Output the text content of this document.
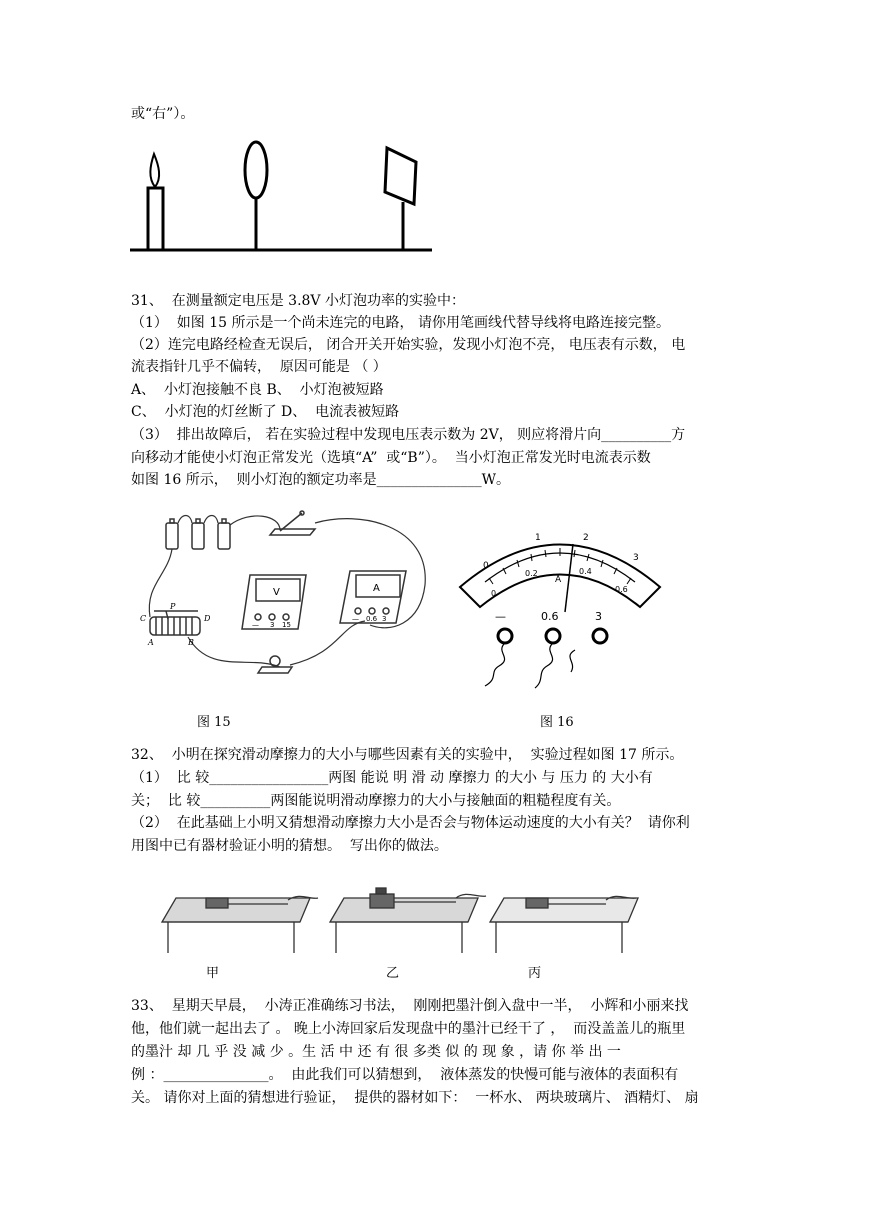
或“右”）。
31、  在测量额定电压是 3.8V 小灯泡功率的实验中：
（1）  如图 15 所示是一个尚未连完的电路， 请你用笔画线代替导线将电路连接完整。
（2）连完电路经检查无误后， 闭合开关开始实验，发现小灯泡不亮， 电压表有示数， 电
流表指针几乎不偏转，  原因可能是 （ ）
A、  小灯泡接触不良 B、  小灯泡被短路
C、  小灯泡的灯丝断了 D、  电流表被短路
（3）  排出故障后， 若在实验过程中发现电压表示数为 2V， 则应将滑片向__________方
向移动才能使小灯泡正常发光（选填“A”  或“B”）。  当小灯泡正常发光时电流表示数
如图 16 所示，  则小灯泡的额定功率是_______________W。
V
— 3 15
A
— 0.6 3
C	D
P
A	B
图 15
0
1	2
3
0
0.2	0.4
0.6
A
—	0.6	3
图 16
32、  小明在探究滑动摩擦力的大小与哪些因素有关的实验中，  实验过程如图 17 所示。
（1）  比 较_________________两图 能说 明 滑 动 摩擦力 的大小 与 压力 的 大小有
关；  比 较__________两图能说明滑动摩擦力的大小与接触面的粗糙程度有关。
（2）  在此基础上小明又猜想滑动摩擦力大小是否会与物体运动速度的大小有关？  请你利
用图中已有器材验证小明的猜想。  写出你的做法。
甲	乙	丙
33、  星期天早晨，  小涛正准确练习书法，  刚刚把墨汁倒入盘中一半，  小辉和小丽来找
他，他们就一起出去了 。 晚上小涛回家后发现盘中的墨汁已经干了 ，  而没盖盖儿的瓶里
的墨汁 却 几 乎 没 减 少 。生 活 中 还 有 很 多类 似 的 现 象 ，请 你 举 出 一
例 ：_______________。  由此我们可以猜想到，  液体蒸发的快慢可能与液体的表面积有
关。 请你对上面的猜想进行验证，  提供的器材如下：  一杯水、 两块玻璃片、 酒精灯、 扇
